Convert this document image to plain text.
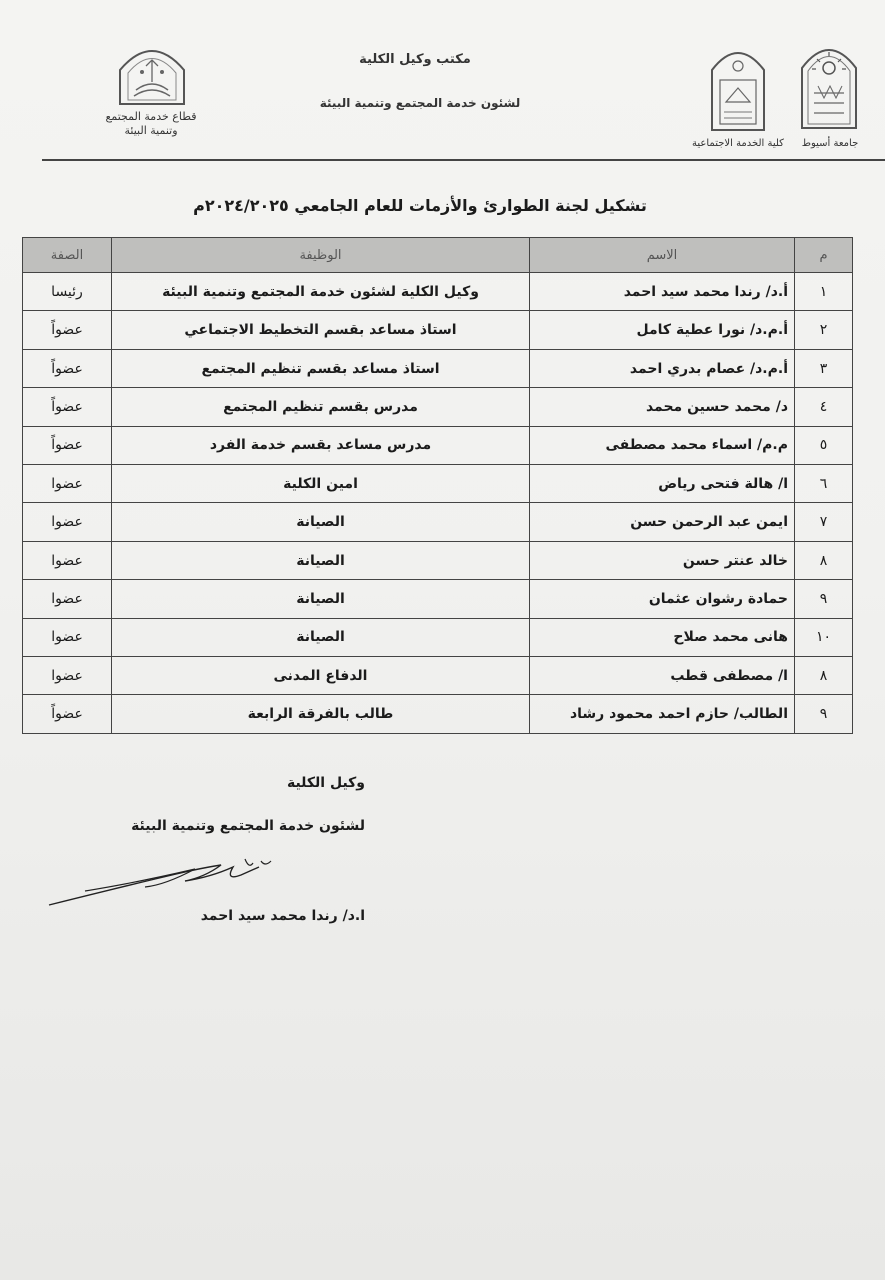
جامعة أسيوط
كلية الخدمة الاجتماعية
مكتب وكيل الكلية
لشئون خدمة المجتمع وتنمية البيئة
قطاع خدمة المجتمع
وتنمية البيئة
تشكيل لجنة الطوارئ والأزمات للعام الجامعي ٢٠٢٤/٢٠٢٥م
م	الاسم	الوظيفة	الصفة
١	أ.د/ رندا محمد سيد احمد	وكيل الكلية لشئون خدمة المجتمع وتنمية البيئة	رئيسا
٢	أ.م.د/ نورا عطية كامل	استاذ مساعد بقسم التخطيط الاجتماعي	عضواً
٣	أ.م.د/ عصام بدري احمد	استاذ مساعد بقسم تنظيم المجتمع	عضواً
٤	د/ محمد حسين محمد	مدرس بقسم تنظيم المجتمع	عضواً
٥	م.م/ اسماء محمد مصطفى	مدرس مساعد بقسم خدمة الفرد	عضواً
٦	ا/ هالة فتحى رياض	امين الكلية	عضوا
٧	ايمن عبد الرحمن حسن	الصيانة	عضوا
٨	خالد عنتر حسن	الصيانة	عضوا
٩	حمادة رشوان عثمان	الصيانة	عضوا
١٠	هانى محمد صلاح	الصيانة	عضوا
٨	ا/ مصطفى قطب	الدفاع المدنى	عضوا
٩	الطالب/ حازم احمد محمود رشاد	طالب بالفرقة الرابعة	عضواً
وكيل الكلية
لشئون خدمة المجتمع وتنمية البيئة
ا.د/ رندا محمد سيد احمد
